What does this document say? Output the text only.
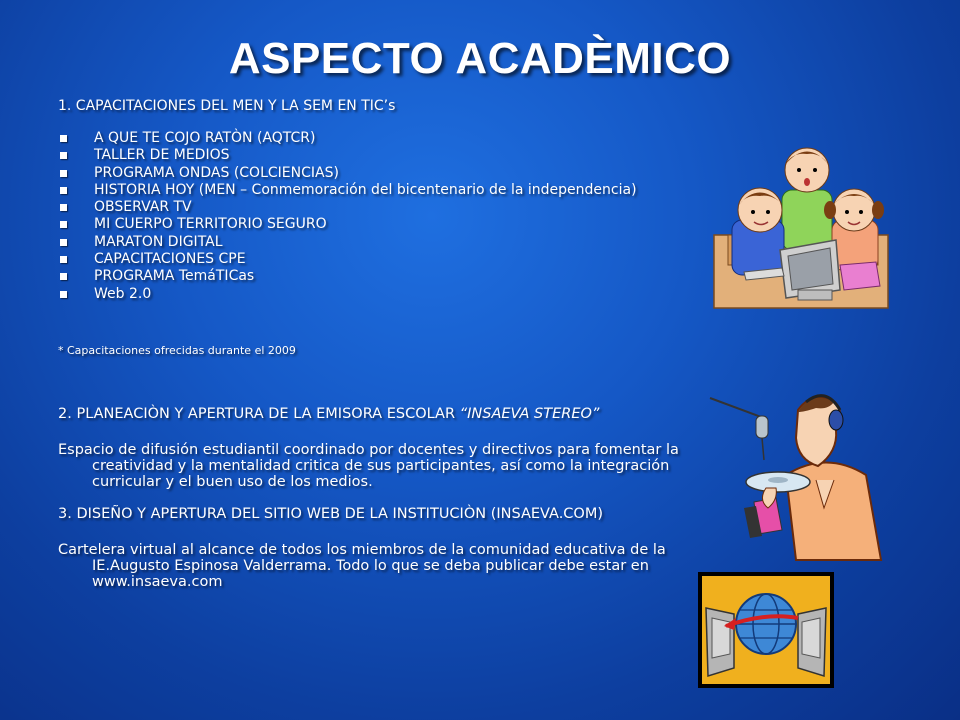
ASPECTO ACADÈMICO
1. CAPACITACIONES DEL MEN Y LA SEM EN TIC’s
A QUE TE COJO RATÒN (AQTCR)
TALLER DE MEDIOS
PROGRAMA ONDAS (COLCIENCIAS)
HISTORIA HOY (MEN – Conmemoración del bicentenario de la independencia)
OBSERVAR TV
MI CUERPO TERRITORIO SEGURO
MARATON DIGITAL
CAPACITACIONES CPE
PROGRAMA TemáTICas
Web 2.0
* Capacitaciones ofrecidas durante el 2009
2. PLANEACIÒN Y APERTURA DE LA EMISORA ESCOLAR “INSAEVA STEREO”
Espacio de difusión estudiantil coordinado por docentes y directivos para fomentar la creatividad y la mentalidad critica de sus participantes, así como la integración curricular y el buen uso de los medios.
3. DISEÑO Y APERTURA DEL SITIO WEB DE LA INSTITUCIÒN (INSAEVA.COM)
Cartelera virtual al alcance de todos los miembros de la comunidad educativa de la IE.Augusto Espinosa Valderrama. Todo lo que se deba publicar debe estar en www.insaeva.com
